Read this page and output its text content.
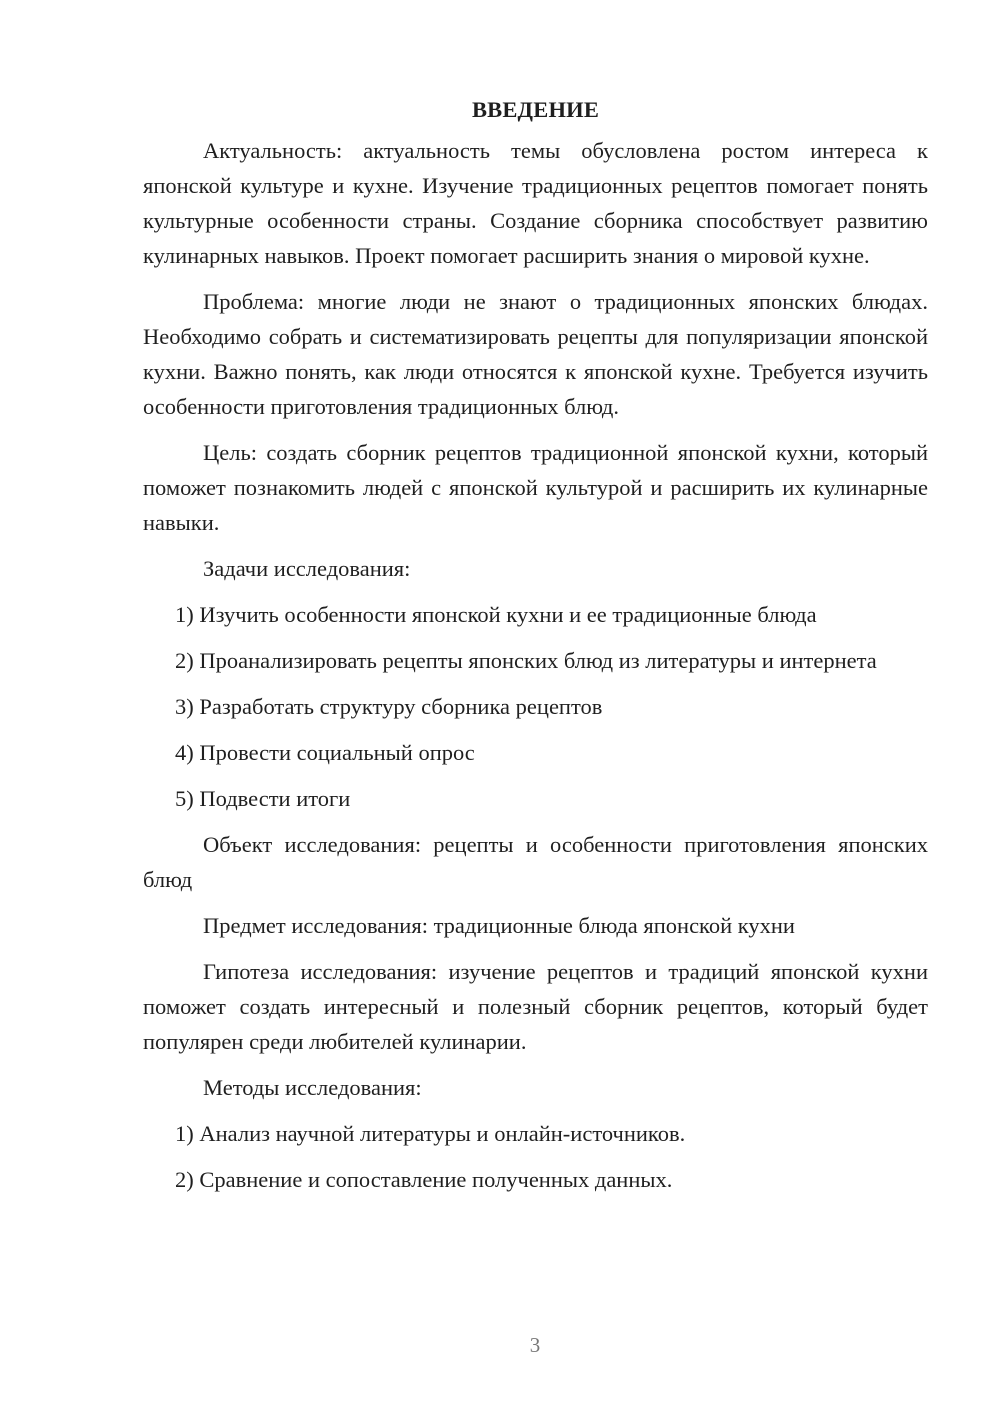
ВВЕДЕНИЕ

Актуальность: актуальность темы обусловлена ростом интереса к японской культуре и кухне. Изучение традиционных рецептов помогает понять культурные особенности страны. Создание сборника способствует развитию кулинарных навыков. Проект помогает расширить знания о мировой кухне.

Проблема: многие люди не знают о традиционных японских блюдах. Необходимо собрать и систематизировать рецепты для популяризации японской кухни. Важно понять, как люди относятся к японской кухне. Требуется изучить особенности приготовления традиционных блюд.

Цель: создать сборник рецептов традиционной японской кухни, который поможет познакомить людей с японской культурой и расширить их кулинарные навыки.

Задачи исследования:

1) Изучить особенности японской кухни и ее традиционные блюда

2) Проанализировать рецепты японских блюд из литературы и интернета

3) Разработать структуру сборника рецептов

4) Провести социальный опрос

5) Подвести итоги

Объект исследования: рецепты и особенности приготовления японских блюд

Предмет исследования: традиционные блюда японской кухни

Гипотеза исследования: изучение рецептов и традиций японской кухни поможет создать интересный и полезный сборник рецептов, который будет популярен среди любителей кулинарии.

Методы исследования:

1) Анализ научной литературы и онлайн-источников.

2) Сравнение и сопоставление полученных данных.

3
